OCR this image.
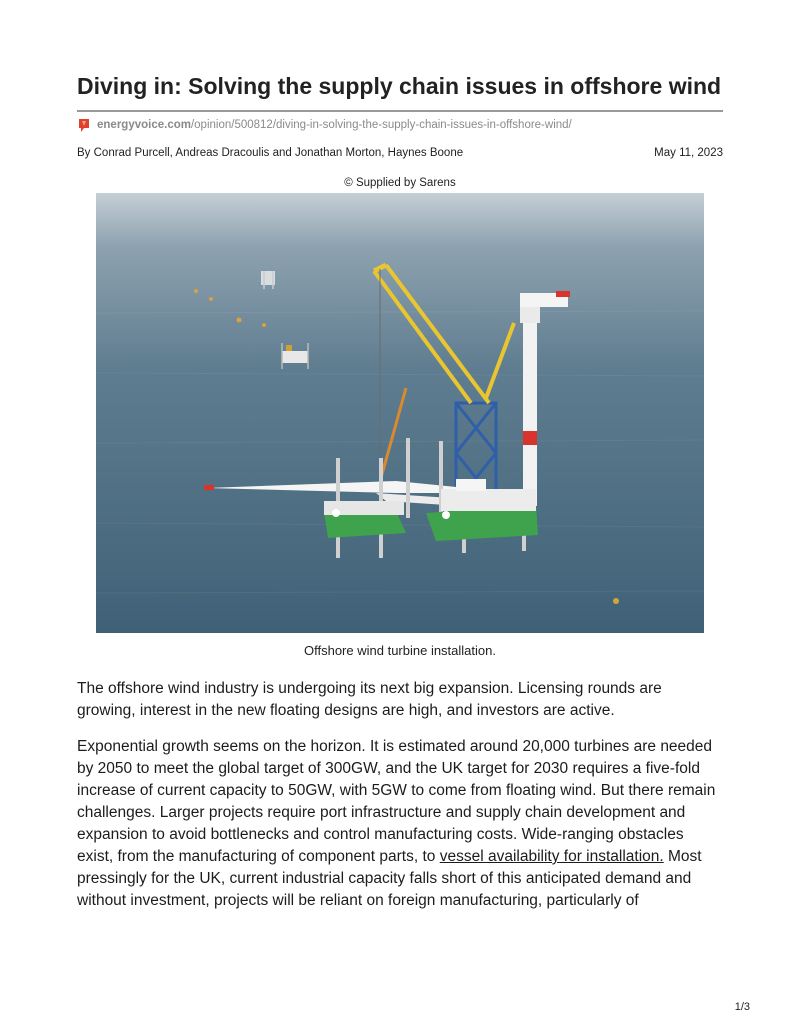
Diving in: Solving the supply chain issues in offshore wind
energyvoice.com/opinion/500812/diving-in-solving-the-supply-chain-issues-in-offshore-wind/
By Conrad Purcell, Andreas Dracoulis and Jonathan Morton, Haynes Boone	May 11, 2023
© Supplied by Sarens
Offshore wind turbine installation.

The offshore wind industry is undergoing its next big expansion. Licensing rounds are growing, interest in the new floating designs are high, and investors are active.

Exponential growth seems on the horizon. It is estimated around 20,000 turbines are needed by 2050 to meet the global target of 300GW, and the UK target for 2030 requires a five-fold increase of current capacity to 50GW, with 5GW to come from floating wind. But there remain challenges. Larger projects require port infrastructure and supply chain development and expansion to avoid bottlenecks and control manufacturing costs. Wide-ranging obstacles exist, from the manufacturing of component parts, to vessel availability for installation. Most pressingly for the UK, current industrial capacity falls short of this anticipated demand and without investment, projects will be reliant on foreign manufacturing, particularly of

1/3
